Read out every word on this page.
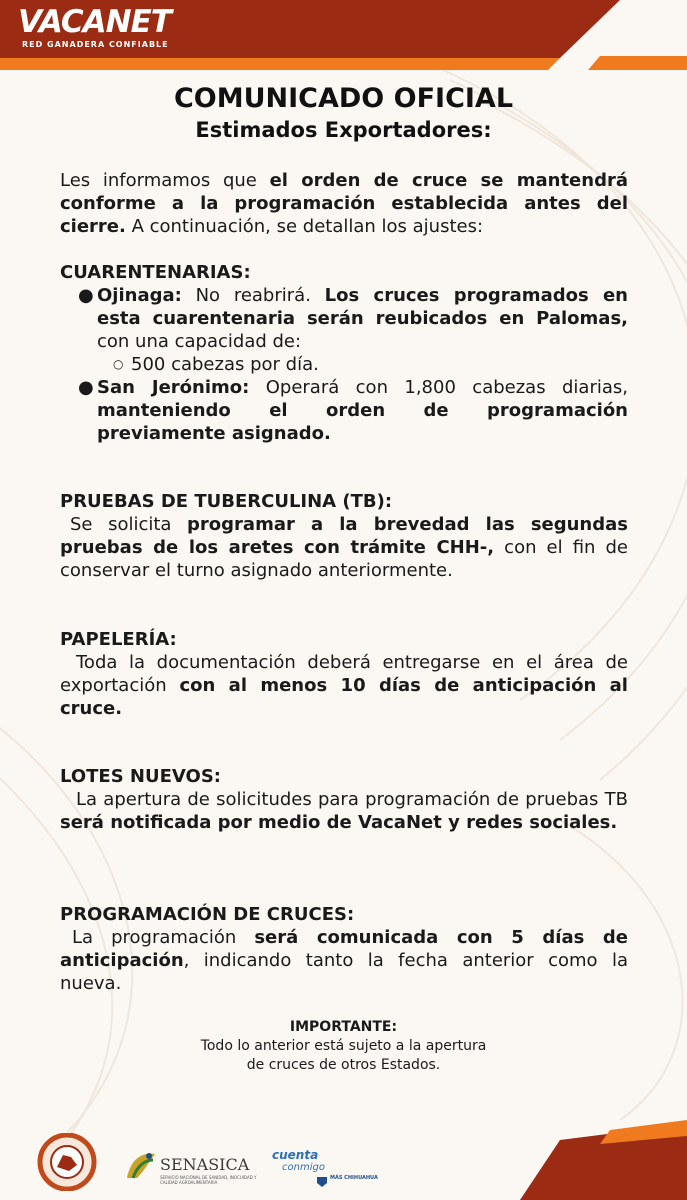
VACANET
RED GANADERA CONFIABLE
COMUNICADO OFICIAL
Estimados Exportadores:
Les informamos que el orden de cruce se mantendrá conforme a la programación establecida antes del cierre. A continuación, se detallan los ajustes:
CUARENTENARIAS:
● Ojinaga: No reabrirá. Los cruces programados en esta cuarentenaria serán reubicados en Palomas, con una capacidad de:
○ 500 cabezas por día.
● San Jerónimo: Operará con 1,800 cabezas diarias, manteniendo el orden de programación previamente asignado.
PRUEBAS DE TUBERCULINA (TB):
Se solicita programar a la brevedad las segundas pruebas de los aretes con trámite CHH-, con el fin de conservar el turno asignado anteriormente.
PAPELERÍA:
Toda la documentación deberá entregarse en el área de exportación con al menos 10 días de anticipación al cruce.
LOTES NUEVOS:
La apertura de solicitudes para programación de pruebas TB será notificada por medio de VacaNet y redes sociales.
PROGRAMACIÓN DE CRUCES:
La programación será comunicada con 5 días de anticipación, indicando tanto la fecha anterior como la nueva.
IMPORTANTE:
Todo lo anterior está sujeto a la apertura
de cruces de otros Estados.
SENASICA
SERVICIO NACIONAL DE SANIDAD, INOCUIDAD Y CALIDAD AGROALIMENTARIA
cuenta
conmigo
MÁS CHIHUAHUA
